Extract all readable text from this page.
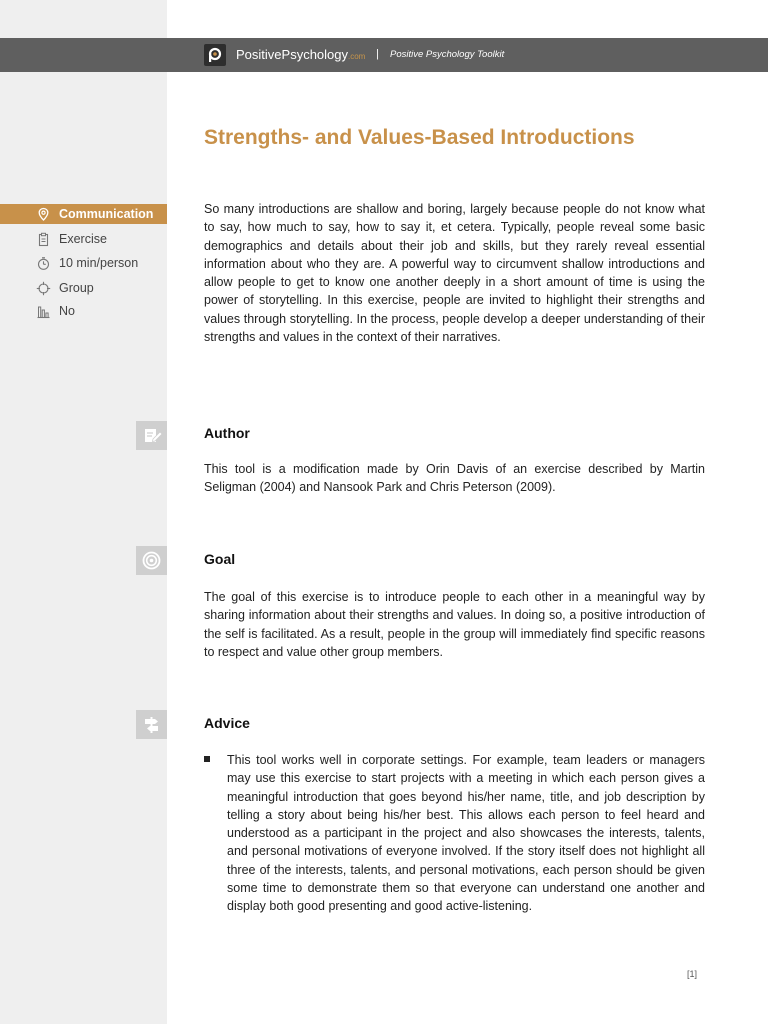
PositivePsychology.com | Positive Psychology Toolkit
Strengths- and Values-Based Introductions
Communication
Exercise
10 min/person
Group
No

So many introductions are shallow and boring, largely because people do not know what to say, how much to say, how to say it, et cetera. Typically, people reveal some basic demographics and details about their job and skills, but they rarely reveal essential information about who they are. A powerful way to circumvent shallow introductions and allow people to get to know one another deeply in a short amount of time is using the power of storytelling. In this exercise, people are invited to highlight their strengths and values through storytelling. In the process, people develop a deeper understanding of their strengths and values in the context of their narratives.

Author

This tool is a modification made by Orin Davis of an exercise described by Martin Seligman (2004) and Nansook Park and Chris Peterson (2009).

Goal

The goal of this exercise is to introduce people to each other in a meaningful way by sharing information about their strengths and values. In doing so, a positive introduction of the self is facilitated. As a result, people in the group will immediately find specific reasons to respect and value other group members.

Advice

This tool works well in corporate settings. For example, team leaders or managers may use this exercise to start projects with a meeting in which each person gives a meaningful introduction that goes beyond his/her name, title, and job description by telling a story about being his/her best. This allows each person to feel heard and understood as a participant in the project and also showcases the interests, talents, and personal motivations of everyone involved. If the story itself does not highlight all three of the interests, talents, and personal motivations, each person should be given some time to demonstrate them so that everyone can understand one another and display both good presenting and good active-listening.

[1]
